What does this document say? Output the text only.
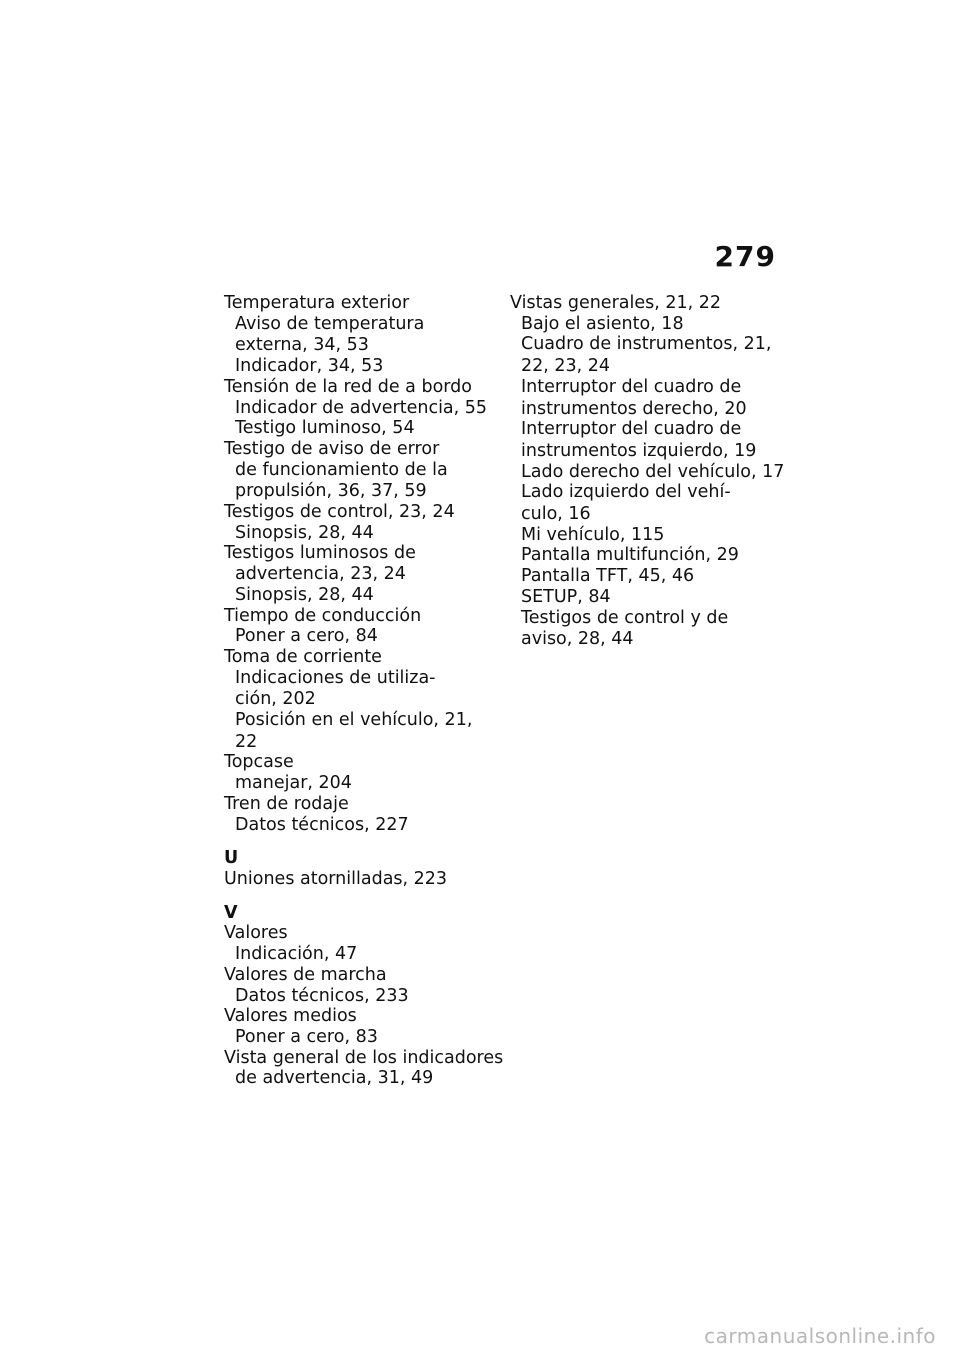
279
Temperatura exterior
Aviso de temperatura
externa, 34, 53
Indicador, 34, 53
Tensión de la red de a bordo
Indicador de advertencia, 55
Testigo luminoso, 54
Testigo de aviso de error
de funcionamiento de la
propulsión, 36, 37, 59
Testigos de control, 23, 24
Sinopsis, 28, 44
Testigos luminosos de
advertencia, 23, 24
Sinopsis, 28, 44
Tiempo de conducción
Poner a cero, 84
Toma de corriente
Indicaciones de utiliza-
ción, 202
Posición en el vehículo, 21,
22
Topcase
manejar, 204
Tren de rodaje
Datos técnicos, 227
U
Uniones atornilladas, 223
V
Valores
Indicación, 47
Valores de marcha
Datos técnicos, 233
Valores medios
Poner a cero, 83
Vista general de los indicadores
de advertencia, 31, 49
Vistas generales, 21, 22
Bajo el asiento, 18
Cuadro de instrumentos, 21,
22, 23, 24
Interruptor del cuadro de
instrumentos derecho, 20
Interruptor del cuadro de
instrumentos izquierdo, 19
Lado derecho del vehículo, 17
Lado izquierdo del vehí-
culo, 16
Mi vehículo, 115
Pantalla multifunción, 29
Pantalla TFT, 45, 46
SETUP, 84
Testigos de control y de
aviso, 28, 44
carmanualsonline.info
